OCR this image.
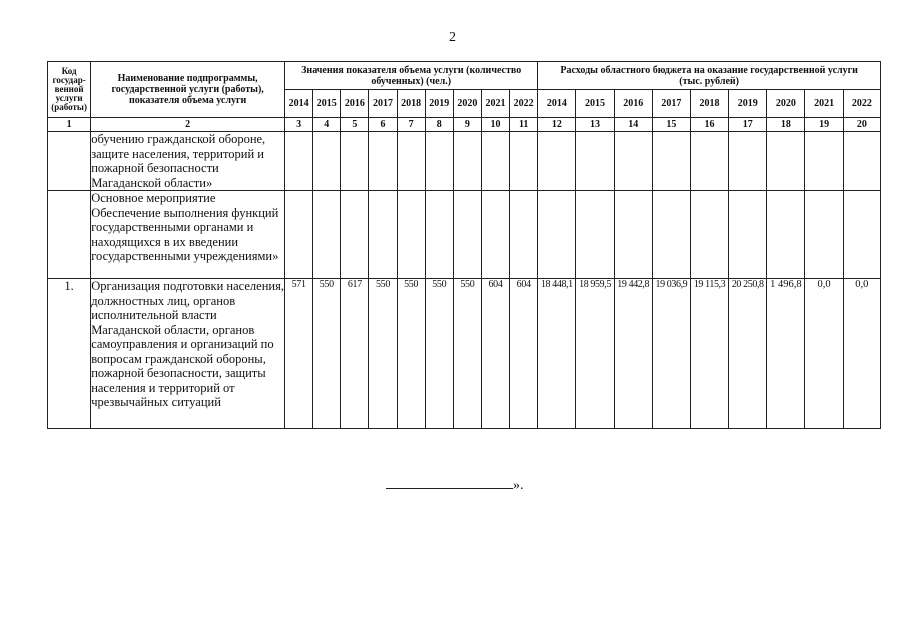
2
Код государ-венной услуги (работы)	Наименование подпрограммы, государственной услуги (работы), показателя объема услуги	Значения показателя объема услуги (количество обученных) (чел.)									Расходы областного бюджета на оказание государственной услуги (тыс. рублей)								
		2014	2015	2016	2017	2018	2019	2020	2021	2022	2014	2015	2016	2017	2018	2019	2020	2021	2022
1	2	3	4	5	6	7	8	9	10	11	12	13	14	15	16	17	18	19	20
	обучению гражданской обороне, защите населения, территорий и пожарной безопасности Магаданской области»																		
	Основное мероприятие Обеспечение выполнения функций государственными органами и находящихся в их введении государственными учреждениями»																		
1.	Организация подготовки населения, должностных лиц, органов исполнительной власти Магаданской области, органов самоуправления и организаций по вопросам гражданской обороны, пожарной безопасности, защиты населения и территорий от чрезвычайных ситуаций	571	550	617	550	550	550	550	604	604	18 448,1	18 959,5	19 442,8	19 036,9	19 115,3	20 250,8	1 496,8	0,0	0,0
».
